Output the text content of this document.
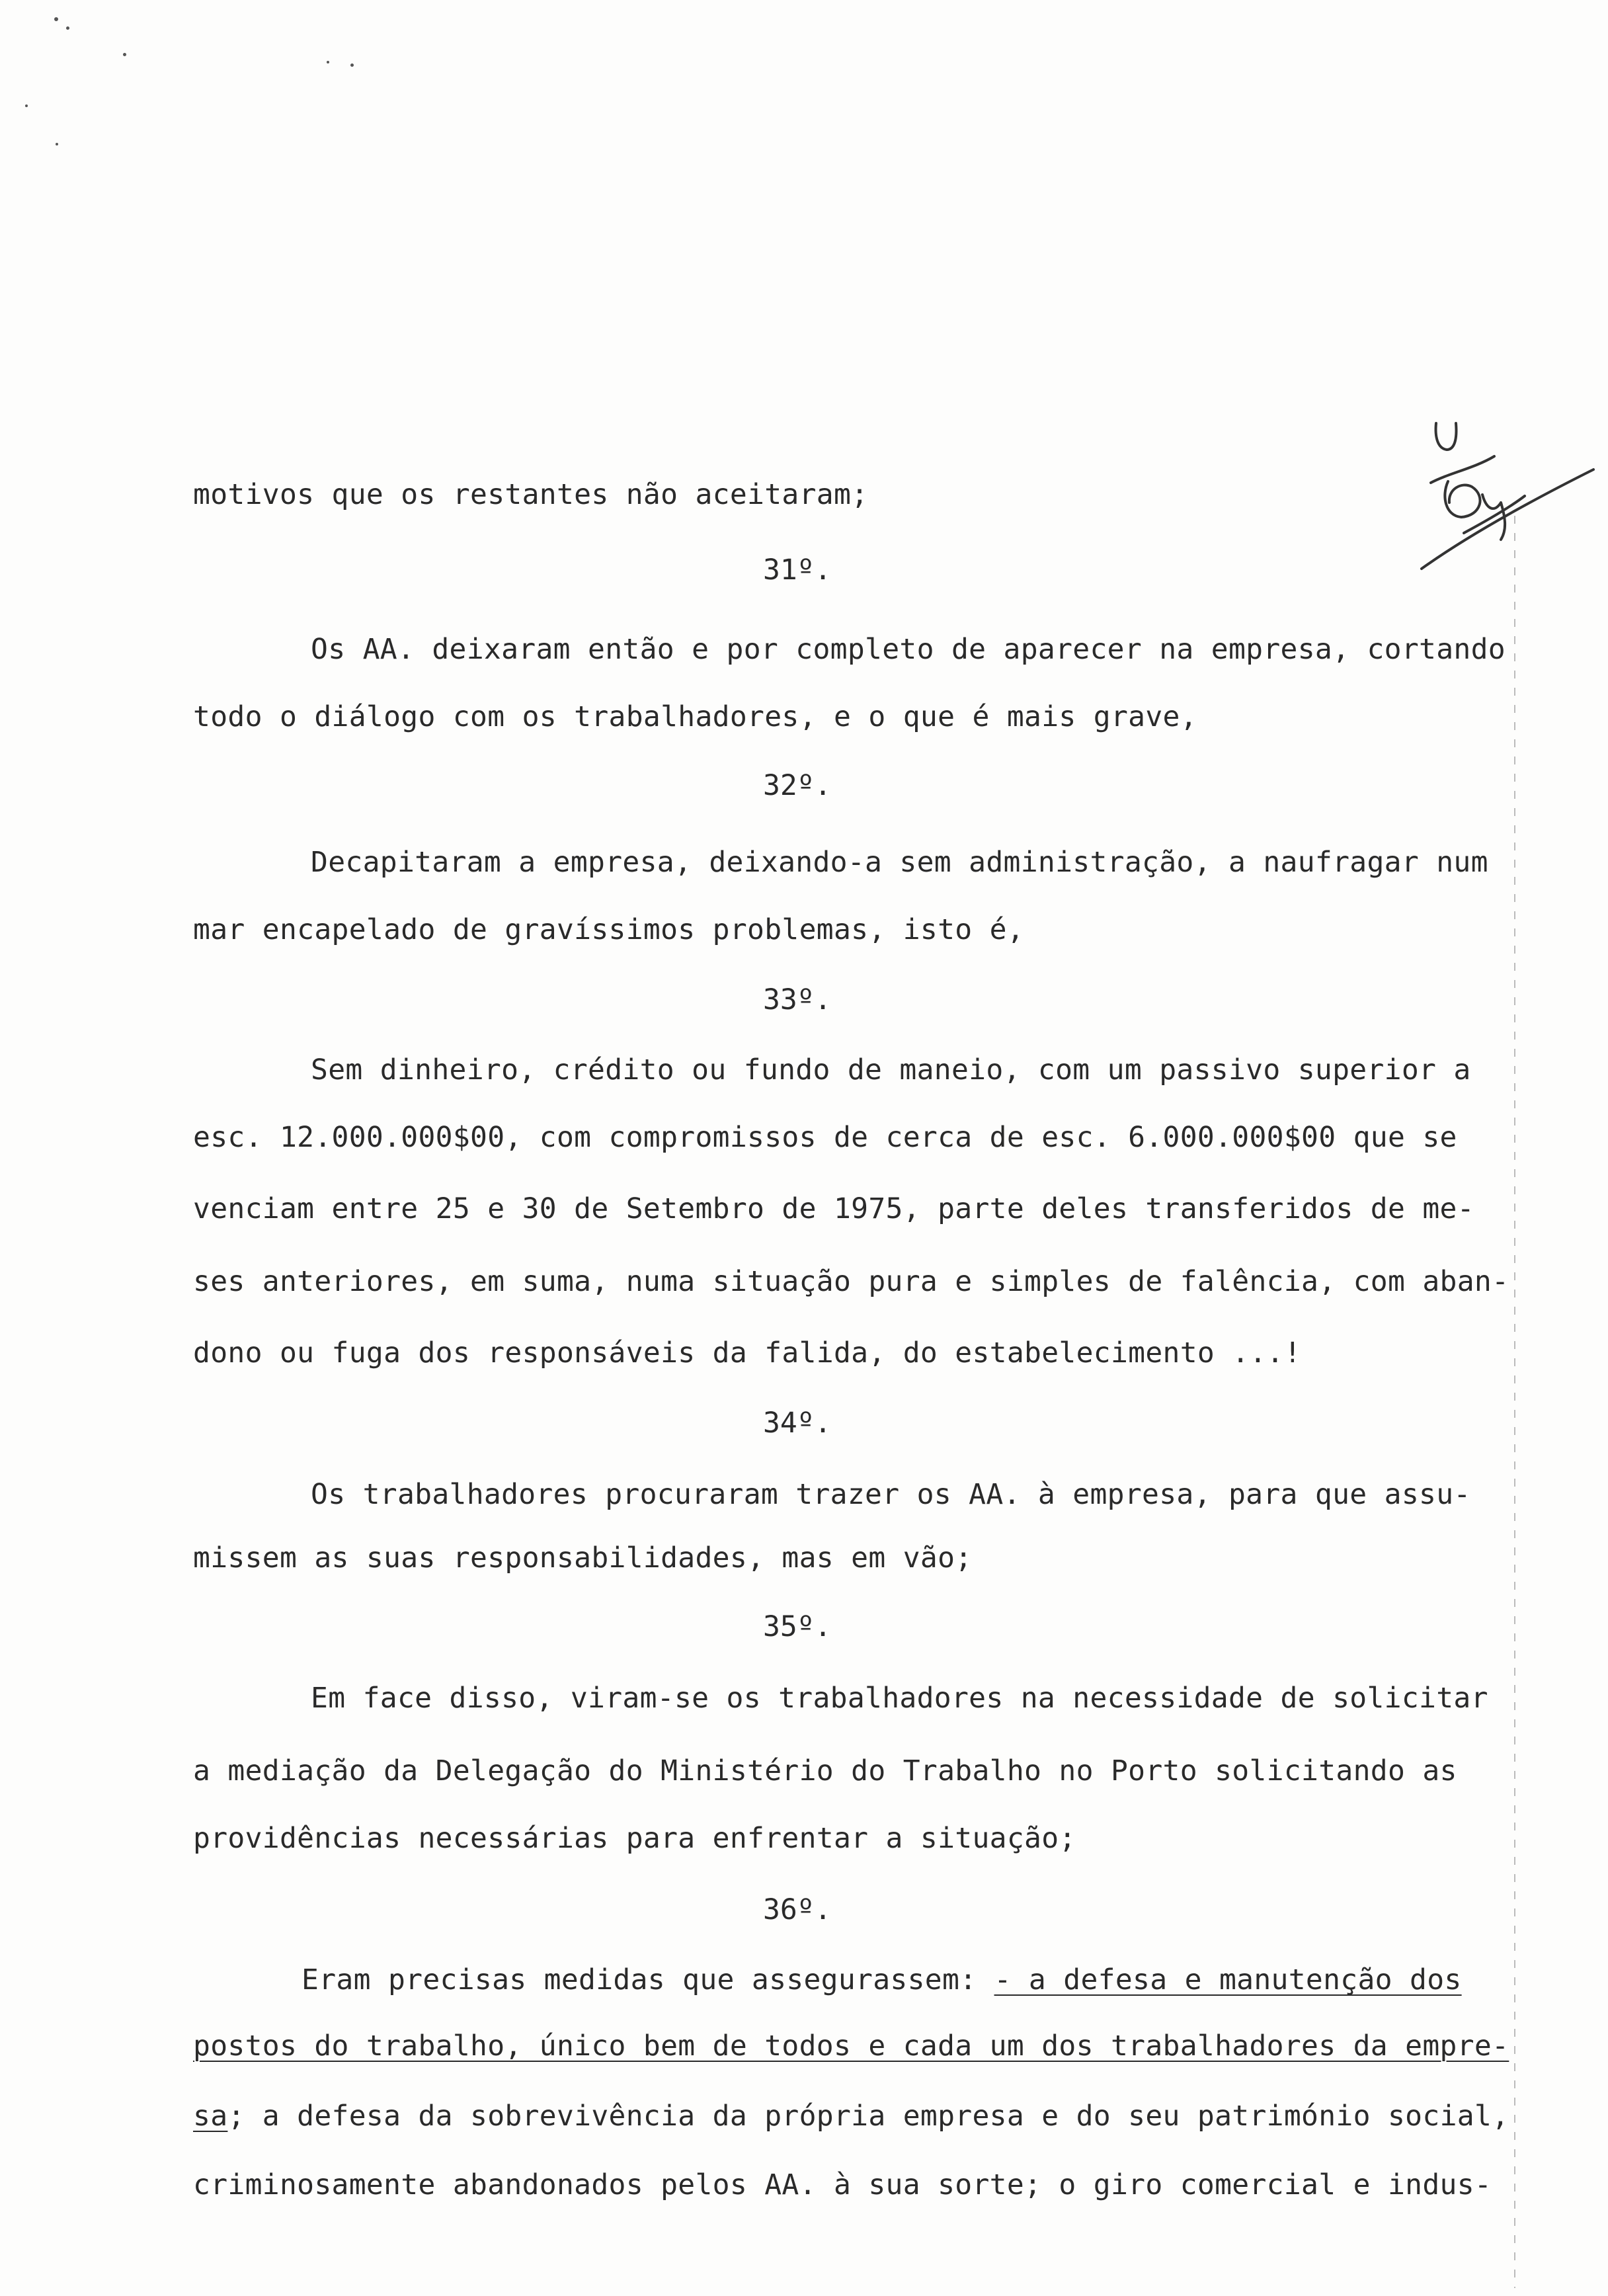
motivos que os restantes não aceitaram;
31º.
Os AA. deixaram então e por completo de aparecer na empresa, cortando
todo o diálogo com os trabalhadores, e o que é mais grave,
32º.
Decapitaram a empresa, deixando-a sem administração, a naufragar num
mar encapelado de gravíssimos problemas, isto é,
33º.
Sem dinheiro, crédito ou fundo de maneio, com um passivo superior a
esc. 12.000.000$00, com compromissos de cerca de esc. 6.000.000$00 que se
venciam entre 25 e 30 de Setembro de 1975, parte deles transferidos de me-
ses anteriores, em suma, numa situação pura e simples de falência, com aban-
dono ou fuga dos responsáveis da falida, do estabelecimento ...!
34º.
Os trabalhadores procuraram trazer os AA. à empresa, para que assu-
missem as suas responsabilidades, mas em vão;
35º.
Em face disso, viram-se os trabalhadores na necessidade de solicitar
a mediação da Delegação do Ministério do Trabalho no Porto solicitando as
providências necessárias para enfrentar a situação;
36º.
Eram precisas medidas que assegurassem: - a defesa e manutenção dos
postos do trabalho, único bem de todos e cada um dos trabalhadores da empre-
sa; a defesa da sobrevivência da própria empresa e do seu património social,
criminosamente abandonados pelos AA. à sua sorte; o giro comercial e indus-
